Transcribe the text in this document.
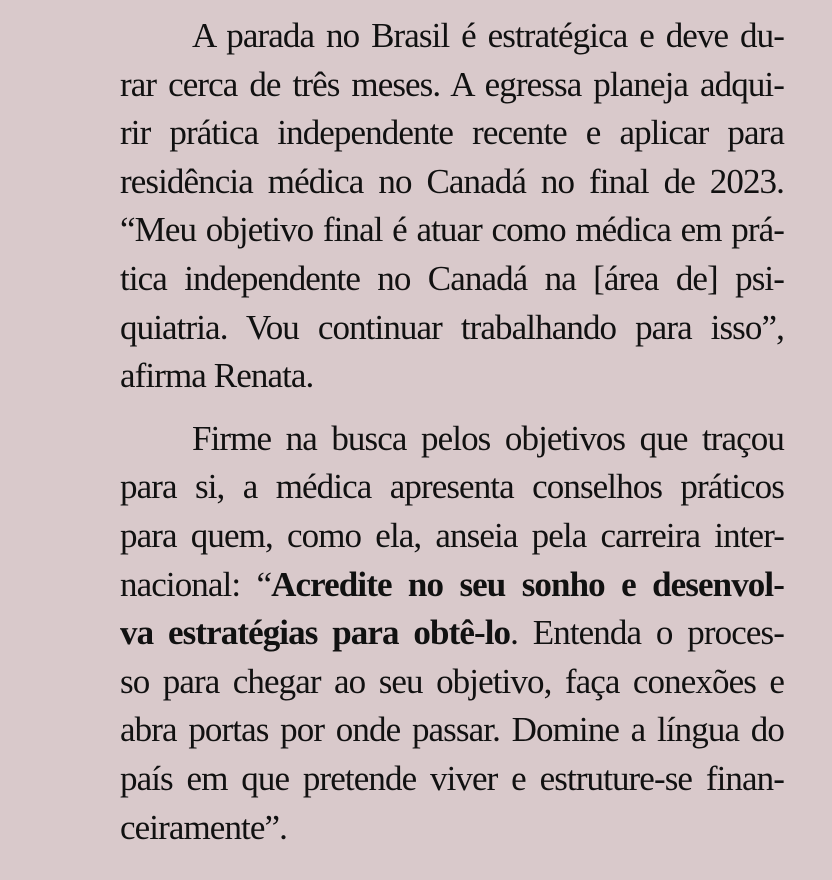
A parada no Brasil é estratégica e deve du-
rar cerca de três meses. A egressa planeja adqui-
rir prática independente recente e aplicar para
residência médica no Canadá no final de 2023.
“Meu objetivo final é atuar como médica em prá-
tica independente no Canadá na [área de] psi-
quiatria. Vou continuar trabalhando para isso”,
afirma Renata.
Firme na busca pelos objetivos que traçou
para si, a médica apresenta conselhos práticos
para quem, como ela, anseia pela carreira inter-
nacional: “Acredite no seu sonho e desenvol-
va estratégias para obtê-lo. Entenda o proces-
so para chegar ao seu objetivo, faça conexões e
abra portas por onde passar. Domine a língua do
país em que pretende viver e estruture-se finan-
ceiramente”.
